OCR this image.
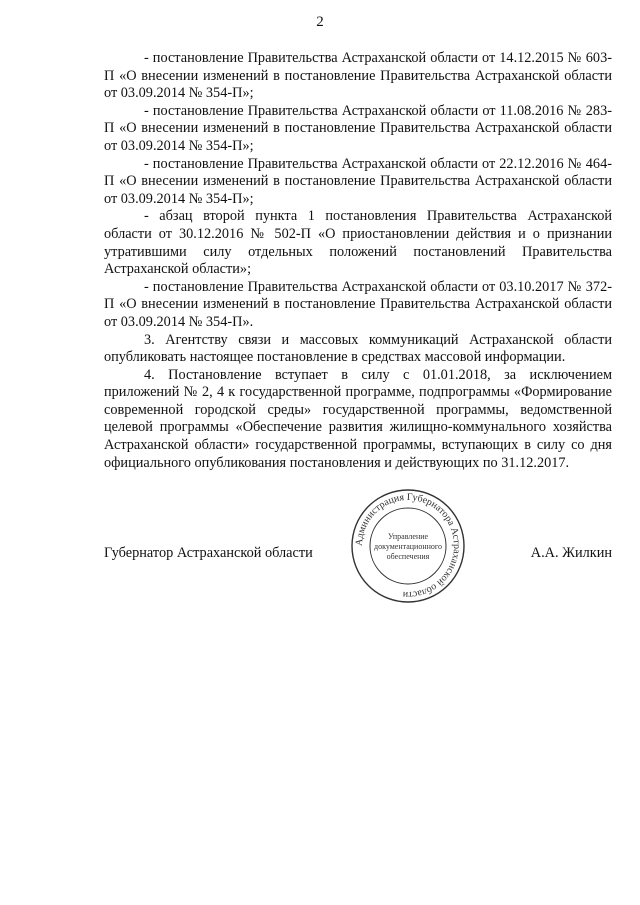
2

- постановление Правительства Астраханской области от 14.12.2015 № 603-П «О внесении изменений в постановление Правительства Астраханской области от 03.09.2014 № 354-П»;

- постановление Правительства Астраханской области от 11.08.2016 № 283-П «О внесении изменений в постановление Правительства Астраханской области от 03.09.2014 № 354-П»;

- постановление Правительства Астраханской области от 22.12.2016 № 464-П «О внесении изменений в постановление Правительства Астраханской области от 03.09.2014 № 354-П»;

- абзац второй пункта 1 постановления Правительства Астраханской области от 30.12.2016 № 502-П «О приостановлении действия и о признании утратившими силу отдельных положений постановлений Правительства Астраханской области»;

- постановление Правительства Астраханской области от 03.10.2017 № 372-П «О внесении изменений в постановление Правительства Астраханской области от 03.09.2014 № 354-П».

3. Агентству связи и массовых коммуникаций Астраханской области опубликовать настоящее постановление в средствах массовой информации.

4. Постановление вступает в силу с 01.01.2018, за исключением приложений № 2, 4 к государственной программе, подпрограммы «Формирование современной городской среды» государственной программы, ведомственной целевой программы «Обеспечение развития жилищно-коммунального хозяйства Астраханской области» государственной программы, вступающих в силу со дня официального опубликования постановления и действующих по 31.12.2017.

Губернатор Астраханской области	А.А. Жилкин
Администрация Губернатора Астраханской области
Управление
документационного
обеспечения
